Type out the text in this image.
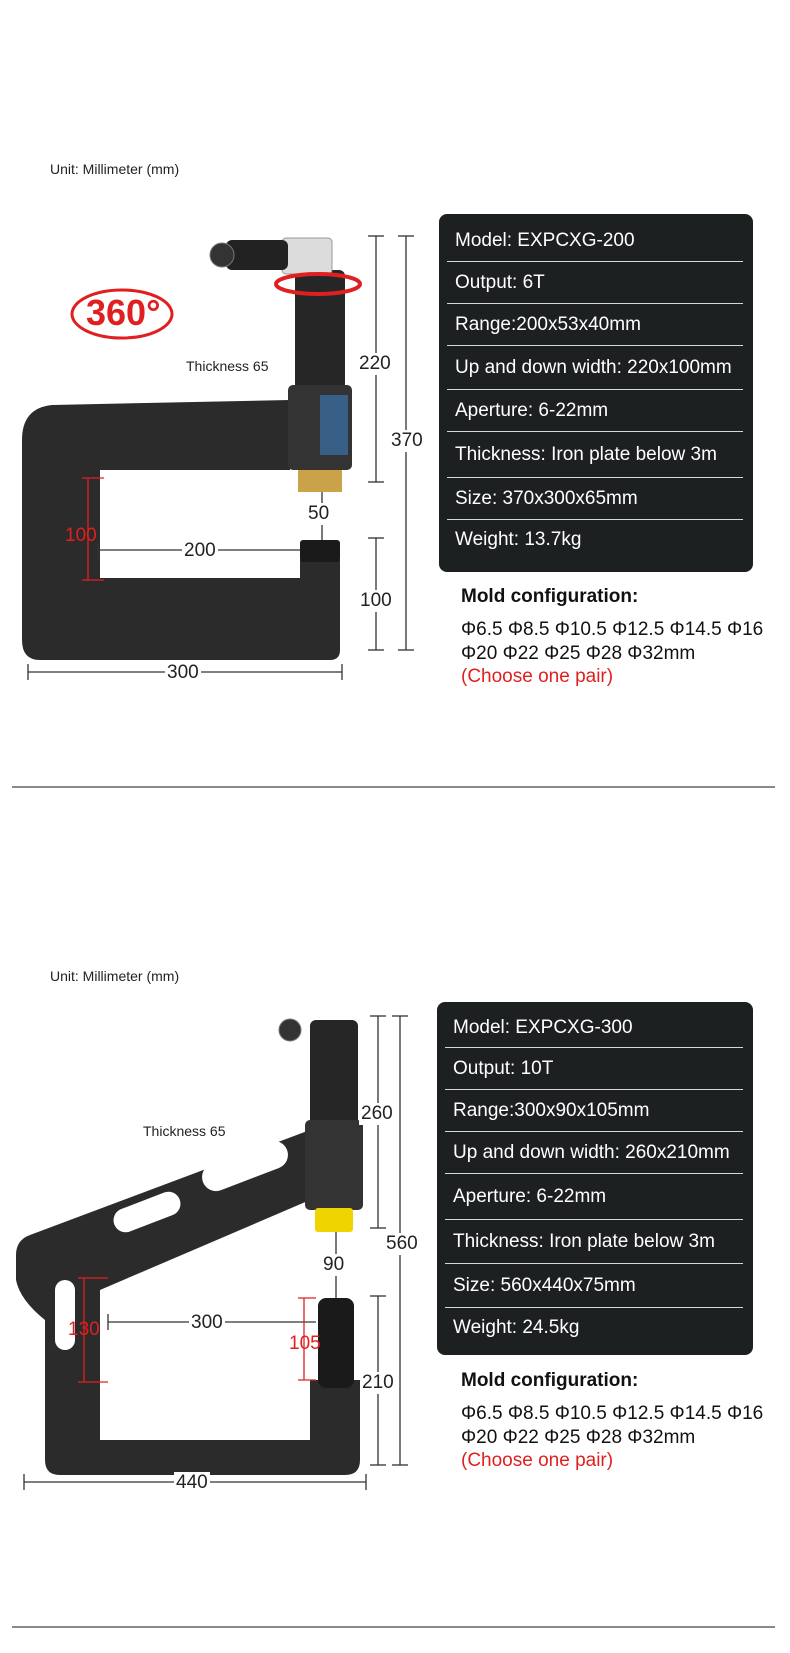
Unit: Millimeter (mm)
360°
Thickness 65	220
370
50
100
100
200
300
Model: EXPCXG-200
Output: 6T
Range:200x53x40mm
Up and down width: 220x100mm
Aperture: 6-22mm
Thickness: Iron plate below 3m
Size: 370x300x65mm
Weight: 13.7kg
Mold configuration:
Φ6.5 Φ8.5 Φ10.5 Φ12.5 Φ14.5 Φ16 Φ20 Φ22 Φ25 Φ28 Φ32mm
(Choose one pair)
Unit: Millimeter (mm)
Thickness 65
260
560
90
210
130	300
105
440
Model: EXPCXG-300
Output: 10T
Range:300x90x105mm
Up and down width: 260x210mm
Aperture: 6-22mm
Thickness: Iron plate below 3m
Size: 560x440x75mm
Weight: 24.5kg
Mold configuration:
Φ6.5 Φ8.5 Φ10.5 Φ12.5 Φ14.5 Φ16 Φ20 Φ22 Φ25 Φ28 Φ32mm
(Choose one pair)
